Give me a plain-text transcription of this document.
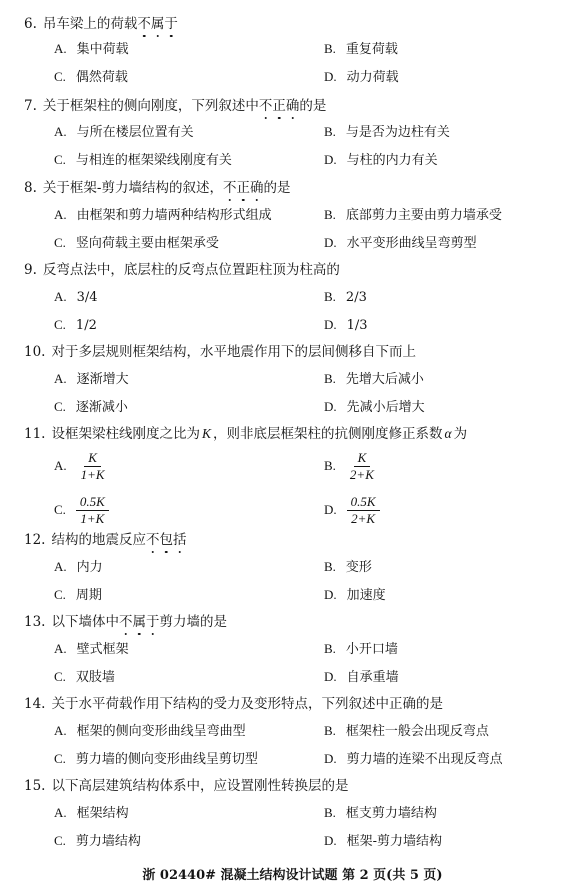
6. 吊车梁上的荷载不属于
A. 集中荷载	B. 重复荷载
C. 偶然荷载	D. 动力荷载
7. 关于框架柱的侧向刚度，下列叙述中不正确的是
A. 与所在楼层位置有关	B. 与是否为边柱有关
C. 与相连的框架梁线刚度有关	D. 与柱的内力有关
8. 关于框架-剪力墙结构的叙述，不正确的是
A. 由框架和剪力墙两种结构形式组成	B. 底部剪力主要由剪力墙承受
C. 竖向荷载主要由框架承受	D. 水平变形曲线呈弯剪型
9. 反弯点法中，底层柱的反弯点位置距柱顶为柱高的
A. 3/4	B. 2/3
C. 1/2	D. 1/3
10. 对于多层规则框架结构，水平地震作用下的层间侧移自下而上
A. 逐渐增大	B. 先增大后减小
C. 逐渐减小	D. 先减小后增大
11. 设框架梁柱线刚度之比为 K ，则非底层框架柱的抗侧刚度修正系数 α 为
A. $\frac{K}{1+K}$	B. $\frac{K}{2+K}$
C. $\frac{0.5K}{1+K}$	D. $\frac{0.5K}{2+K}$
12. 结构的地震反应不包括
A. 内力	B. 变形
C. 周期	D. 加速度
13. 以下墙体中不属于剪力墙的是
A. 壁式框架	B. 小开口墙
C. 双肢墙	D. 自承重墙
14. 关于水平荷载作用下结构的受力及变形特点，下列叙述中正确的是
A. 框架的侧向变形曲线呈弯曲型	B. 框架柱一般会出现反弯点
C. 剪力墙的侧向变形曲线呈剪切型	D. 剪力墙的连梁不出现反弯点
15. 以下高层建筑结构体系中，应设置刚性转换层的是
A. 框架结构	B. 框支剪力墙结构
C. 剪力墙结构	D. 框架-剪力墙结构
浙 02440# 混凝土结构设计试题 第 2 页(共 5 页)
